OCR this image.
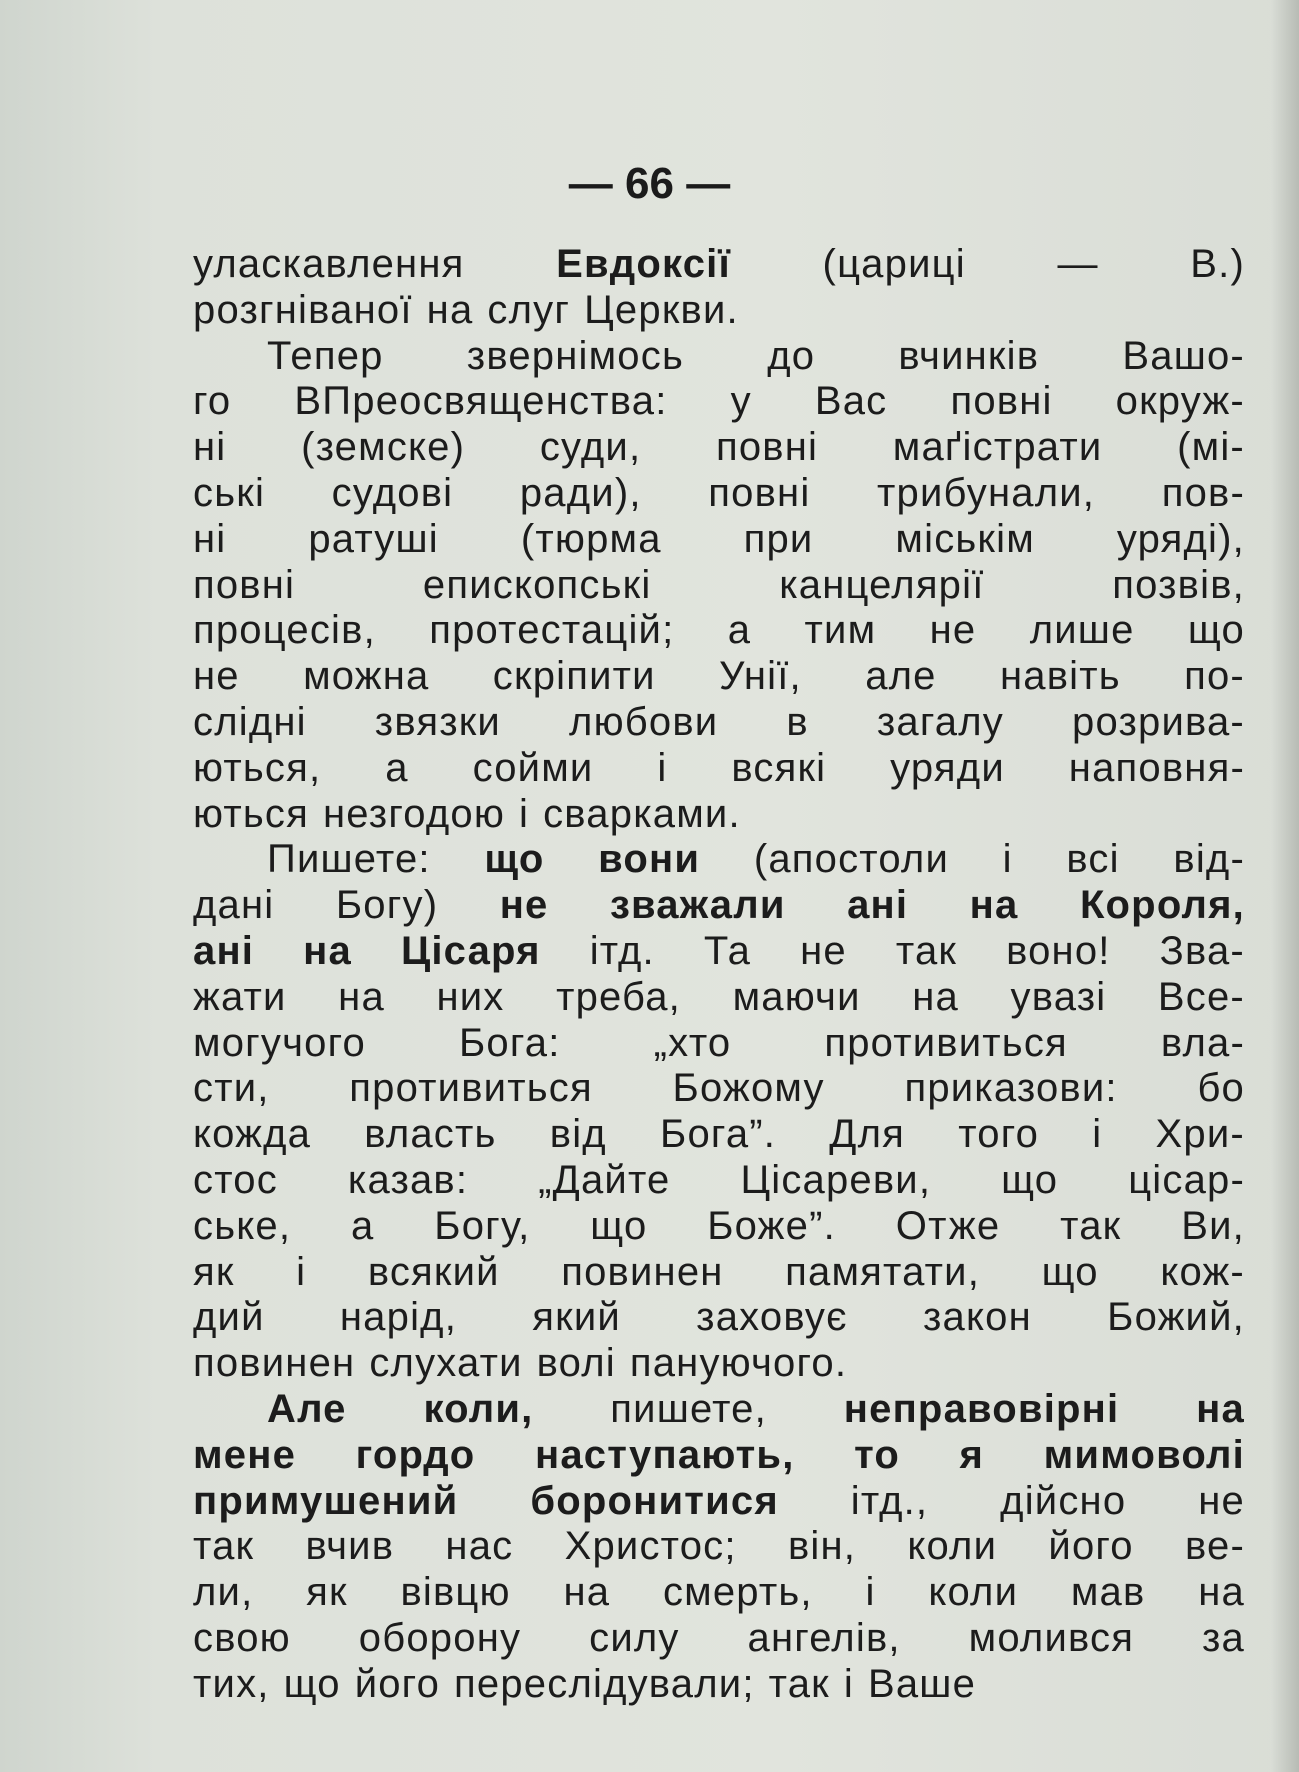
— 66 —
уласкавлення Евдоксії (цариці — В.)
розгніваної на слуг Церкви.
Тепер звернімось до вчинків Вашо-
го ВПреосвященства: у Вас повні окруж-
ні (земске) суди, повні маґістрати (мі-
ські судові ради), повні трибунали, пов-
ні ратуші (тюрма при міськім уряді),
повні	епископські	канцелярії	позвів,
процесів, протестацій; а тим не лише що
не можна скріпити Унії, але навіть по-
слідні звязки любови в загалу розрива-
ються, а сойми і всякі уряди наповня-
ються незгодою і сварками.
Пишете: що вони (апостоли і всі від-
дані Богу) не зважали ані на Короля,
ані на Цісаря ітд. Та не так воно! Зва-
жати на них треба, маючи на увазі Все-
могучого Бога: „хто противиться вла-
сти, противиться Божому приказови: бо
кожда власть від Бога”. Для того і Хри-
стос казав: „Дайте Цісареви, що цісар-
ське, а Богу, що Боже”. Отже так Ви,
як і всякий повинен памятати, що кож-
дий нарід, який заховує закон Божий,
повинен слухати волі пануючого.
Але коли, пишете, неправовірні на
мене гордо наступають, то я мимоволі
примушений боронитися ітд., дійсно не
так вчив нас Христос; він, коли його ве-
ли, як вівцю на смерть, і коли мав на
свою оборону силу ангелів, молився за
тих, що його переслідували; так і Ваше
